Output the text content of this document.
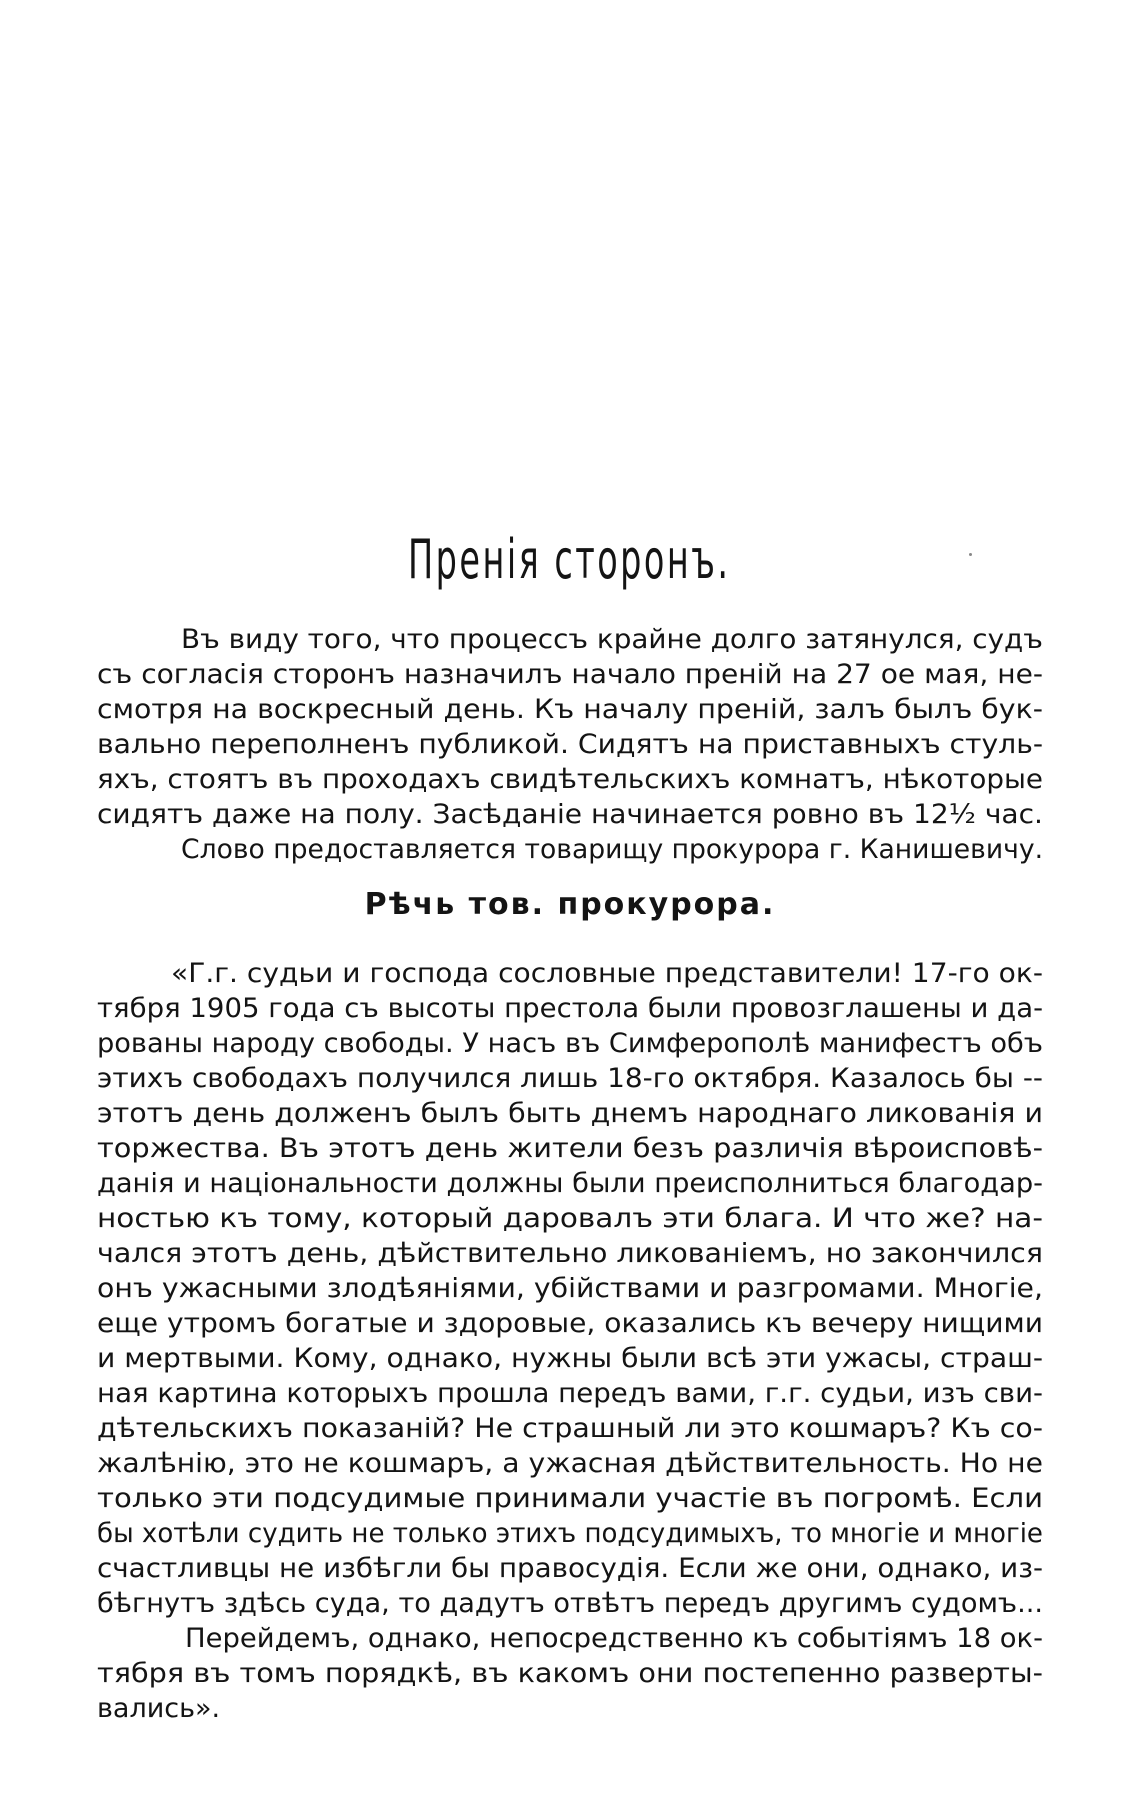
Пренія сторонъ.
Въ виду того, что процессъ крайне долго затянулся, судъ
съ согласія сторонъ назначилъ начало преній на 27 ое мая, не-
смотря на воскресный день. Къ началу преній, залъ былъ бук-
вально переполненъ публикой. Сидятъ на приставныхъ стуль-
яхъ, стоятъ въ проходахъ свидѣтельскихъ комнатъ, нѣкоторые
сидятъ даже на полу. Засѣданіе начинается ровно въ 12½ час.
Слово предоставляется товарищу прокурора г. Канишевичу.
Рѣчь тов. прокурора.
«Г.г. судьи и господа сословные представители! 17-го ок-
тября 1905 года съ высоты престола были провозглашены и да-
рованы народу свободы. У насъ въ Симферополѣ манифестъ объ
этихъ свободахъ получился лишь 18-го октября. Казалось бы --
этотъ день долженъ былъ быть днемъ народнаго ликованія и
торжества. Въ этотъ день жители безъ различія вѣроисповѣ-
данія и національности должны были преисполниться благодар-
ностью къ тому, который даровалъ эти блага. И что же? на-
чался этотъ день, дѣйствительно ликованіемъ, но закончился
онъ ужасными злодѣяніями, убійствами и разгромами. Многіе,
еще утромъ богатые и здоровые, оказались къ вечеру нищими
и мертвыми. Кому, однако, нужны были всѣ эти ужасы, страш-
ная картина которыхъ прошла передъ вами, г.г. судьи, изъ сви-
дѣтельскихъ показаній? Не страшный ли это кошмаръ? Къ со-
жалѣнію, это не кошмаръ, а ужасная дѣйствительность. Но не
только эти подсудимые принимали участіе въ погромѣ. Если
бы хотѣли судить не только этихъ подсудимыхъ, то многіе и многіе
счастливцы не избѣгли бы правосудія. Если же они, однако, из-
бѣгнутъ здѣсь суда, то дадутъ отвѣтъ передъ другимъ судомъ...
Перейдемъ, однако, непосредственно къ событіямъ 18 ок-
тября въ томъ порядкѣ, въ какомъ они постепенно разверты-
вались».
